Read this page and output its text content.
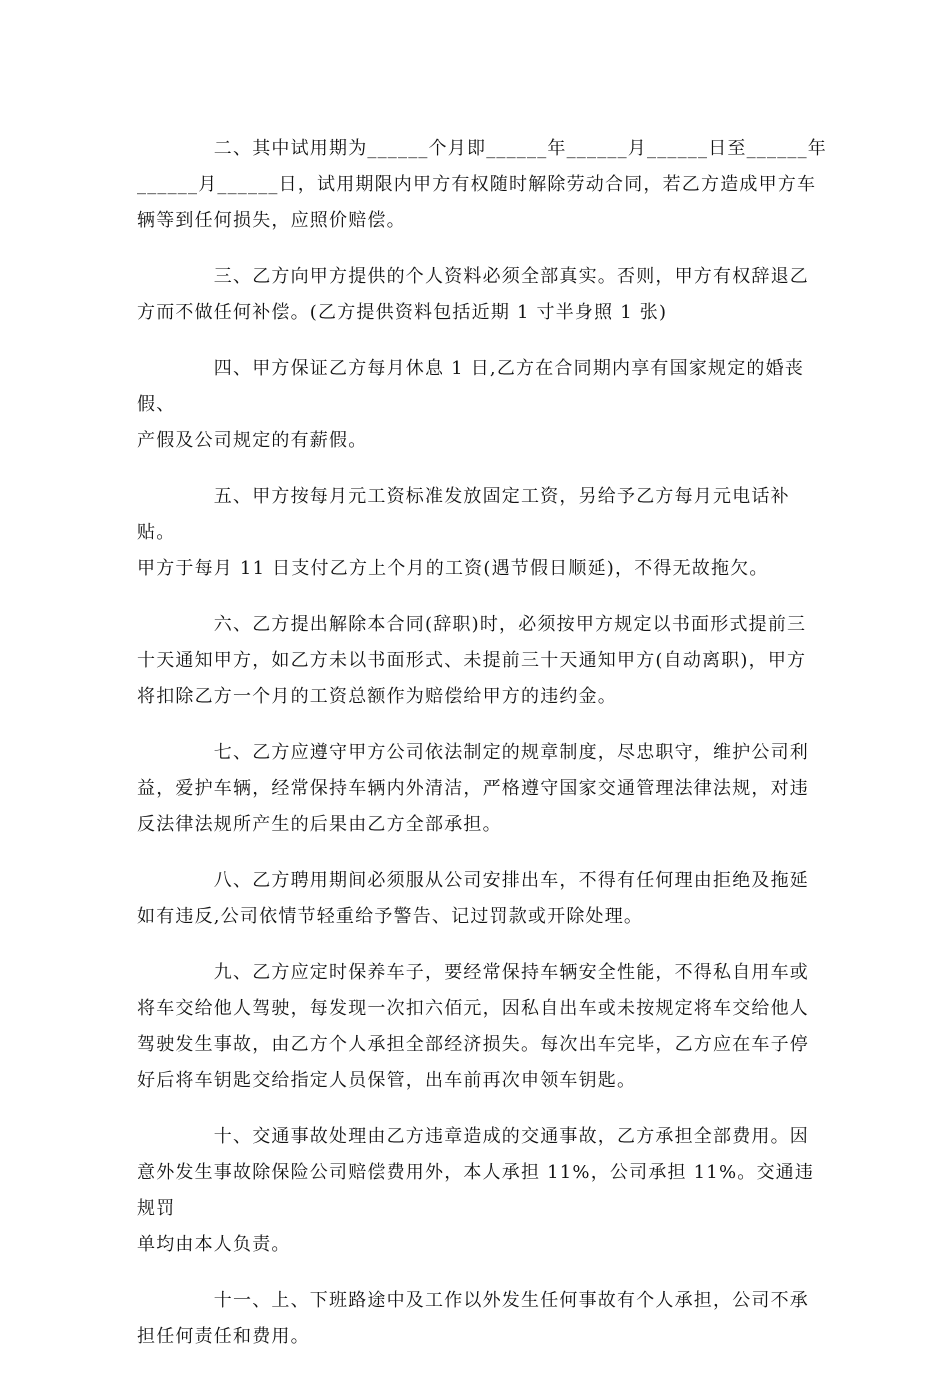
　　　　二、其中试用期为______个月即______年______月______日至______年
______月______日，试用期限内甲方有权随时解除劳动合同，若乙方造成甲方车
辆等到任何损失，应照价赔偿。

　　　　三、乙方向甲方提供的个人资料必须全部真实。否则，甲方有权辞退乙
方而不做任何补偿。(乙方提供资料包括近期 1 寸半身照 1 张)

　　　　四、甲方保证乙方每月休息 1 日,乙方在合同期内享有国家规定的婚丧假、
产假及公司规定的有薪假。

　　　　五、甲方按每月元工资标准发放固定工资，另给予乙方每月元电话补贴。
甲方于每月 11 日支付乙方上个月的工资(遇节假日顺延)，不得无故拖欠。

　　　　六、乙方提出解除本合同(辞职)时，必须按甲方规定以书面形式提前三
十天通知甲方，如乙方未以书面形式、未提前三十天通知甲方(自动离职)，甲方
将扣除乙方一个月的工资总额作为赔偿给甲方的违约金。

　　　　七、乙方应遵守甲方公司依法制定的规章制度，尽忠职守，维护公司利
益，爱护车辆，经常保持车辆内外清洁，严格遵守国家交通管理法律法规，对违
反法律法规所产生的后果由乙方全部承担。

　　　　八、乙方聘用期间必须服从公司安排出车，不得有任何理由拒绝及拖延
如有违反,公司依情节轻重给予警告、记过罚款或开除处理。

　　　　九、乙方应定时保养车子，要经常保持车辆安全性能，不得私自用车或
将车交给他人驾驶，每发现一次扣六佰元，因私自出车或未按规定将车交给他人
驾驶发生事故，由乙方个人承担全部经济损失。每次出车完毕，乙方应在车子停
好后将车钥匙交给指定人员保管，出车前再次申领车钥匙。

　　　　十、交通事故处理由乙方违章造成的交通事故，乙方承担全部费用。因
意外发生事故除保险公司赔偿费用外，本人承担 11%，公司承担 11%。交通违规罚
单均由本人负责。

　　　　十一、上、下班路途中及工作以外发生任何事故有个人承担，公司不承
担任何责任和费用。
